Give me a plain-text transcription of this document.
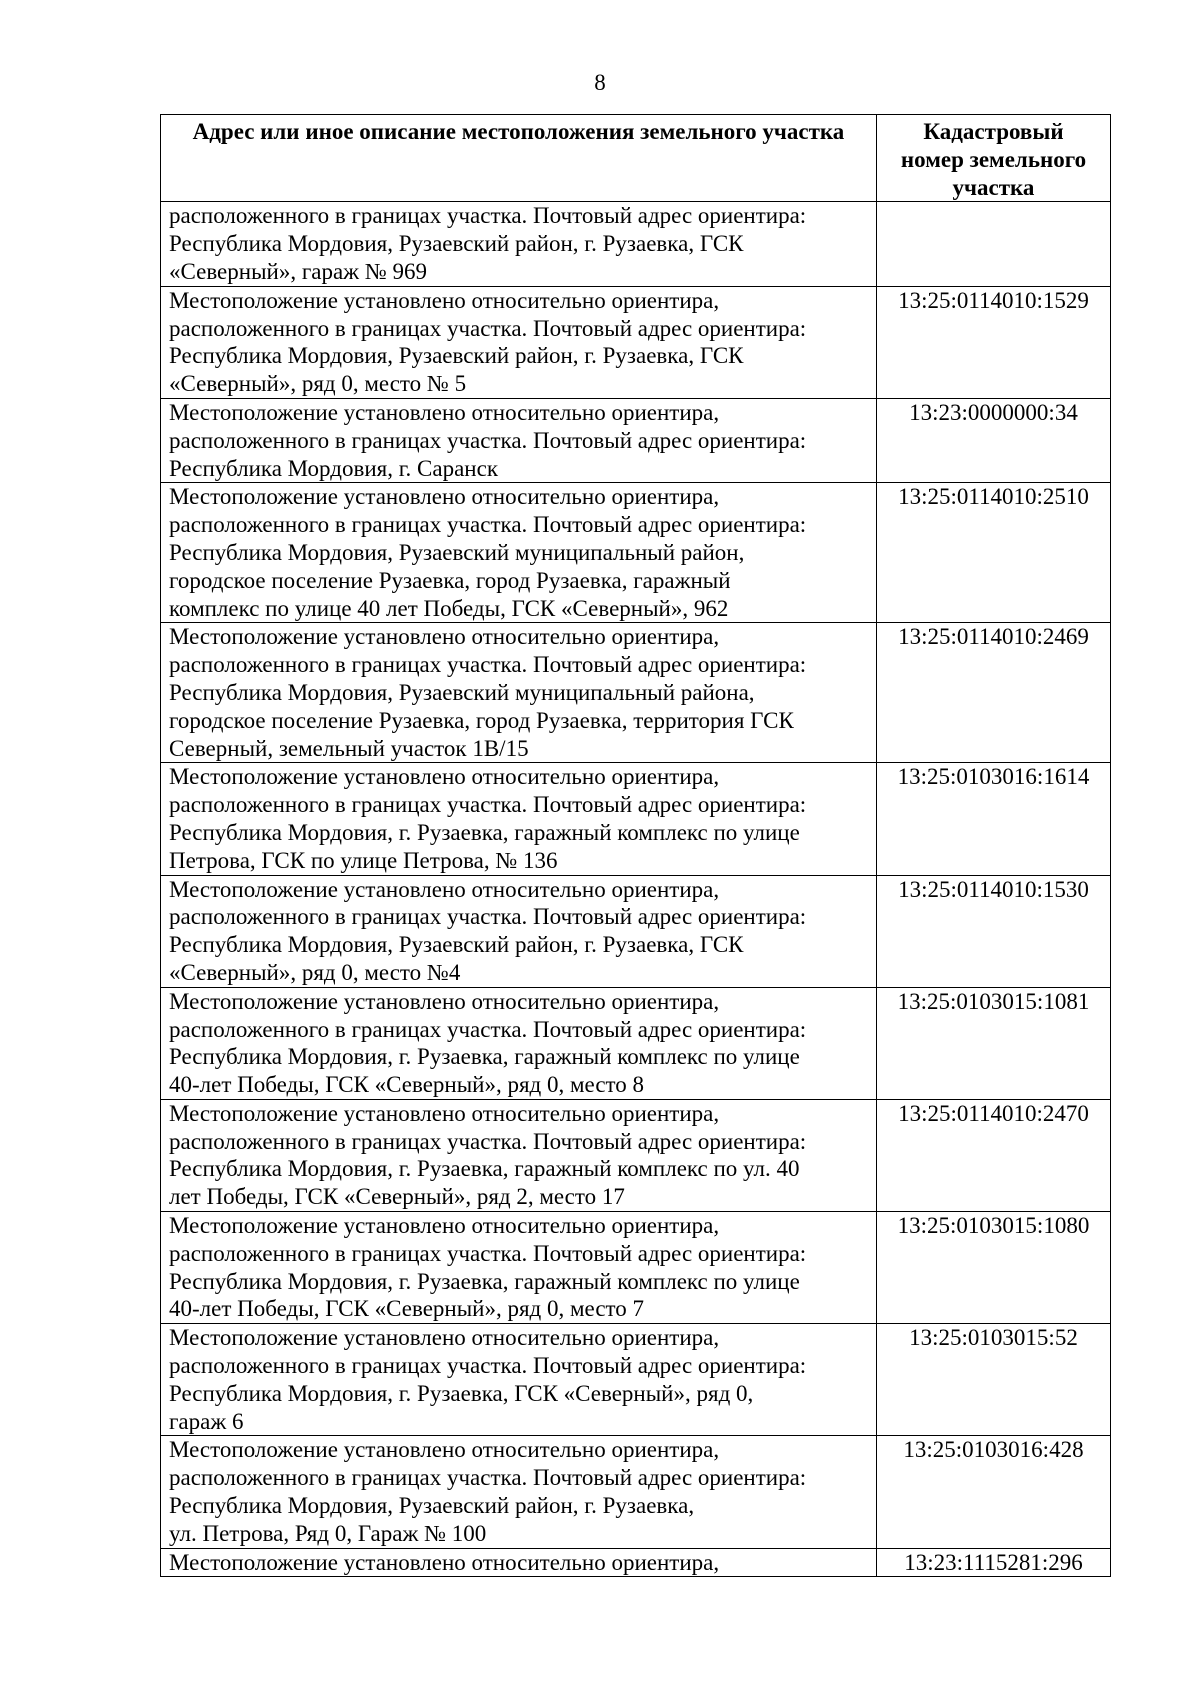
8
Адрес или иное описание местоположения земельного участка	Кадастровый
номер земельного
участка

расположенного в границах участка. Почтовый адрес ориентира:
Республика Мордовия, Рузаевский район, г. Рузаевка, ГСК
«Северный», гараж № 969	

Местоположение установлено относительно ориентира,
расположенного в границах участка. Почтовый адрес ориентира:
Республика Мордовия, Рузаевский район, г. Рузаевка, ГСК
«Северный», ряд 0, место № 5	13:25:0114010:1529

Местоположение установлено относительно ориентира,
расположенного в границах участка. Почтовый адрес ориентира:
Республика Мордовия, г. Саранск	13:23:0000000:34

Местоположение установлено относительно ориентира,
расположенного в границах участка. Почтовый адрес ориентира:
Республика Мордовия, Рузаевский муниципальный район,
городское поселение Рузаевка, город Рузаевка, гаражный
комплекс по улице 40 лет Победы, ГСК «Северный», 962	13:25:0114010:2510

Местоположение установлено относительно ориентира,
расположенного в границах участка. Почтовый адрес ориентира:
Республика Мордовия, Рузаевский муниципальный района,
городское поселение Рузаевка, город Рузаевка, территория ГСК
Северный, земельный участок 1В/15	13:25:0114010:2469

Местоположение установлено относительно ориентира,
расположенного в границах участка. Почтовый адрес ориентира:
Республика Мордовия, г. Рузаевка, гаражный комплекс по улице
Петрова, ГСК по улице Петрова, № 136	13:25:0103016:1614

Местоположение установлено относительно ориентира,
расположенного в границах участка. Почтовый адрес ориентира:
Республика Мордовия, Рузаевский район, г. Рузаевка, ГСК
«Северный», ряд 0, место №4	13:25:0114010:1530

Местоположение установлено относительно ориентира,
расположенного в границах участка. Почтовый адрес ориентира:
Республика Мордовия, г. Рузаевка, гаражный комплекс по улице
40-лет Победы, ГСК «Северный», ряд 0, место 8	13:25:0103015:1081

Местоположение установлено относительно ориентира,
расположенного в границах участка. Почтовый адрес ориентира:
Республика Мордовия, г. Рузаевка, гаражный комплекс по ул. 40
лет Победы, ГСК «Северный», ряд 2, место 17	13:25:0114010:2470

Местоположение установлено относительно ориентира,
расположенного в границах участка. Почтовый адрес ориентира:
Республика Мордовия, г. Рузаевка, гаражный комплекс по улице
40-лет Победы, ГСК «Северный», ряд 0, место 7	13:25:0103015:1080

Местоположение установлено относительно ориентира,
расположенного в границах участка. Почтовый адрес ориентира:
Республика Мордовия, г. Рузаевка, ГСК «Северный», ряд 0,
гараж 6	13:25:0103015:52

Местоположение установлено относительно ориентира,
расположенного в границах участка. Почтовый адрес ориентира:
Республика Мордовия, Рузаевский район, г. Рузаевка,
ул. Петрова, Ряд 0, Гараж № 100	13:25:0103016:428

Местоположение установлено относительно ориентира,	13:23:1115281:296
